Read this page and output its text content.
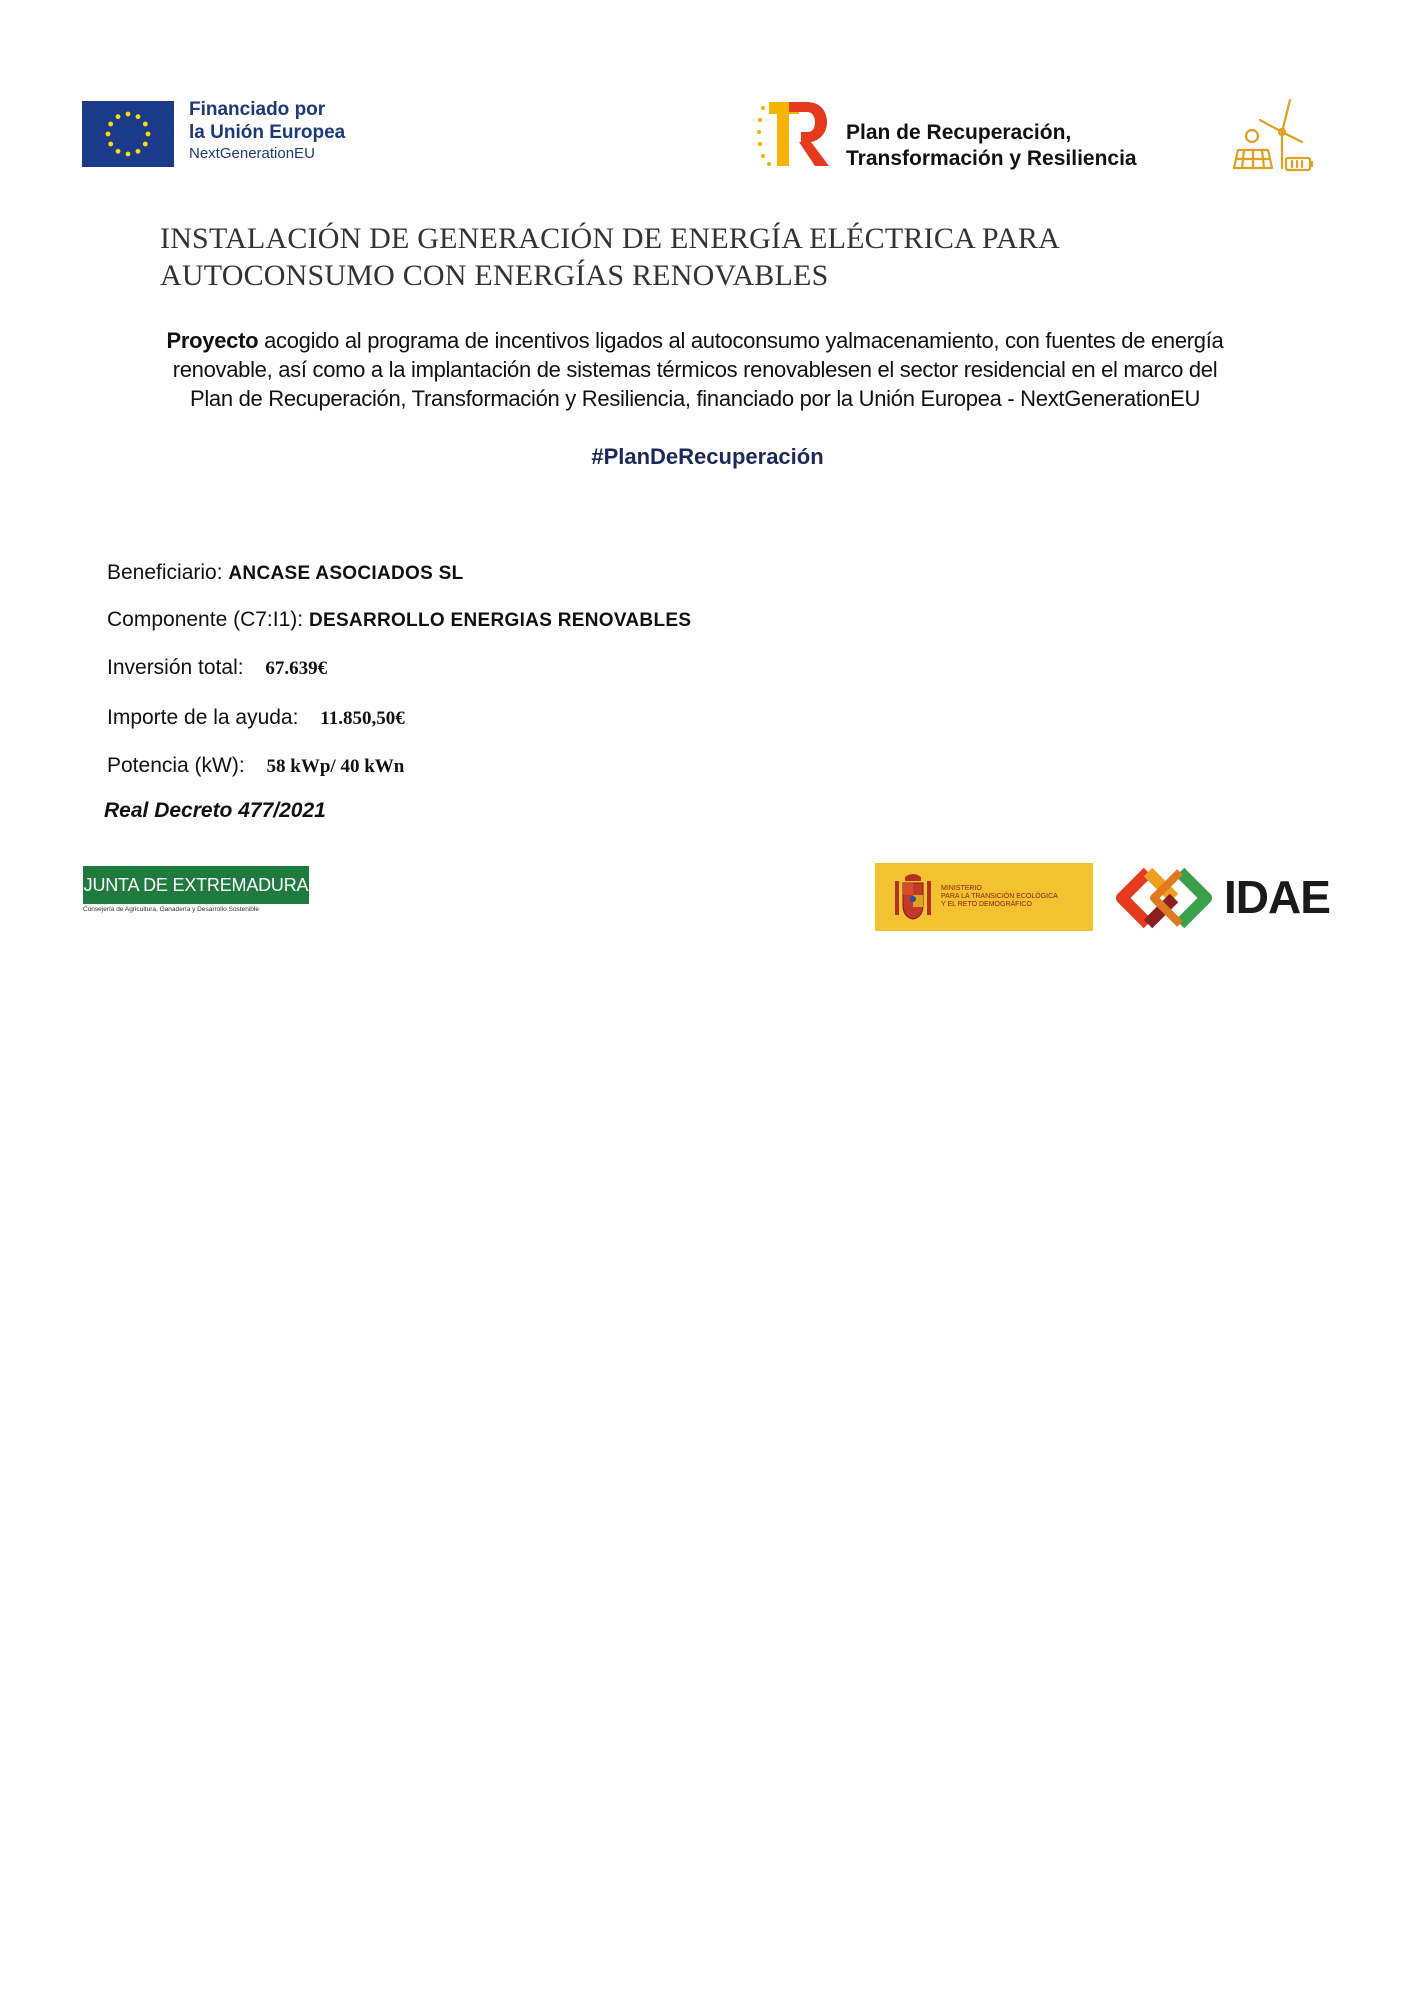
Financiado por
la Unión Europea
NextGenerationEU
Plan de Recuperación,
Transformación y Resiliencia
INSTALACIÓN DE GENERACIÓN DE ENERGÍA ELÉCTRICA PARA
AUTOCONSUMO CON ENERGÍAS RENOVABLES
Proyecto acogido al programa de incentivos ligados al autoconsumo yalmacenamiento, con fuentes de energía
renovable, así como a la implantación de sistemas térmicos renovablesen el sector residencial en el marco del
Plan de Recuperación, Transformación y Resiliencia, financiado por la Unión Europea - NextGenerationEU
#PlanDeRecuperación
Beneficiario: ANCASE ASOCIADOS SL
Componente (C7:I1): DESARROLLO ENERGIAS RENOVABLES
Inversión total: 67.639€
Importe de la ayuda: 11.850,50€
Potencia (kW): 58 kWp/ 40 kWn
Real Decreto 477/2021
JUNTA DE EXTREMADURA
Consejería de Agricultura, Ganadería y Desarrollo Sostenible
MINISTERIO
PARA LA TRANSICIÓN ECOLÓGICA
Y EL RETO DEMOGRÁFICO	IDAE
